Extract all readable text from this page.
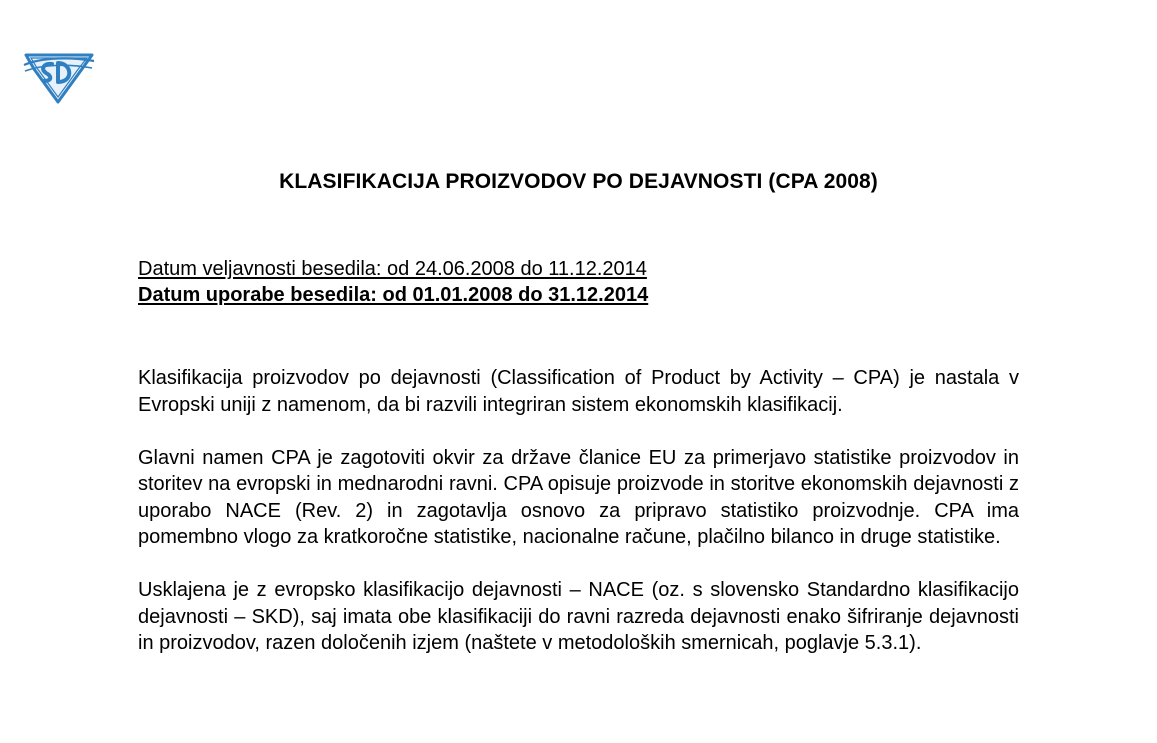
KLASIFIKACIJA PROIZVODOV PO DEJAVNOSTI (CPA 2008)
Datum veljavnosti besedila: od 24.06.2008 do 11.12.2014
Datum uporabe besedila: od 01.01.2008 do 31.12.2014

Klasifikacija proizvodov po dejavnosti (Classification of Product by Activity – CPA) je nastala v Evropski uniji z namenom, da bi razvili integriran sistem ekonomskih klasifikacij.

Glavni namen CPA je zagotoviti okvir za države članice EU za primerjavo statistike proizvodov in storitev na evropski in mednarodni ravni. CPA opisuje proizvode in storitve ekonomskih dejavnosti z uporabo NACE (Rev. 2) in zagotavlja osnovo za pripravo statistiko proizvodnje. CPA ima pomembno vlogo za kratkoročne statistike, nacionalne račune, plačilno bilanco in druge statistike.

Usklajena je z evropsko klasifikacijo dejavnosti – NACE (oz. s slovensko Standardno klasifikacijo dejavnosti – SKD), saj imata obe klasifikaciji do ravni razreda dejavnosti enako šifriranje dejavnosti in proizvodov, razen določenih izjem (naštete v metodoloških smernicah, poglavje 5.3.1).
